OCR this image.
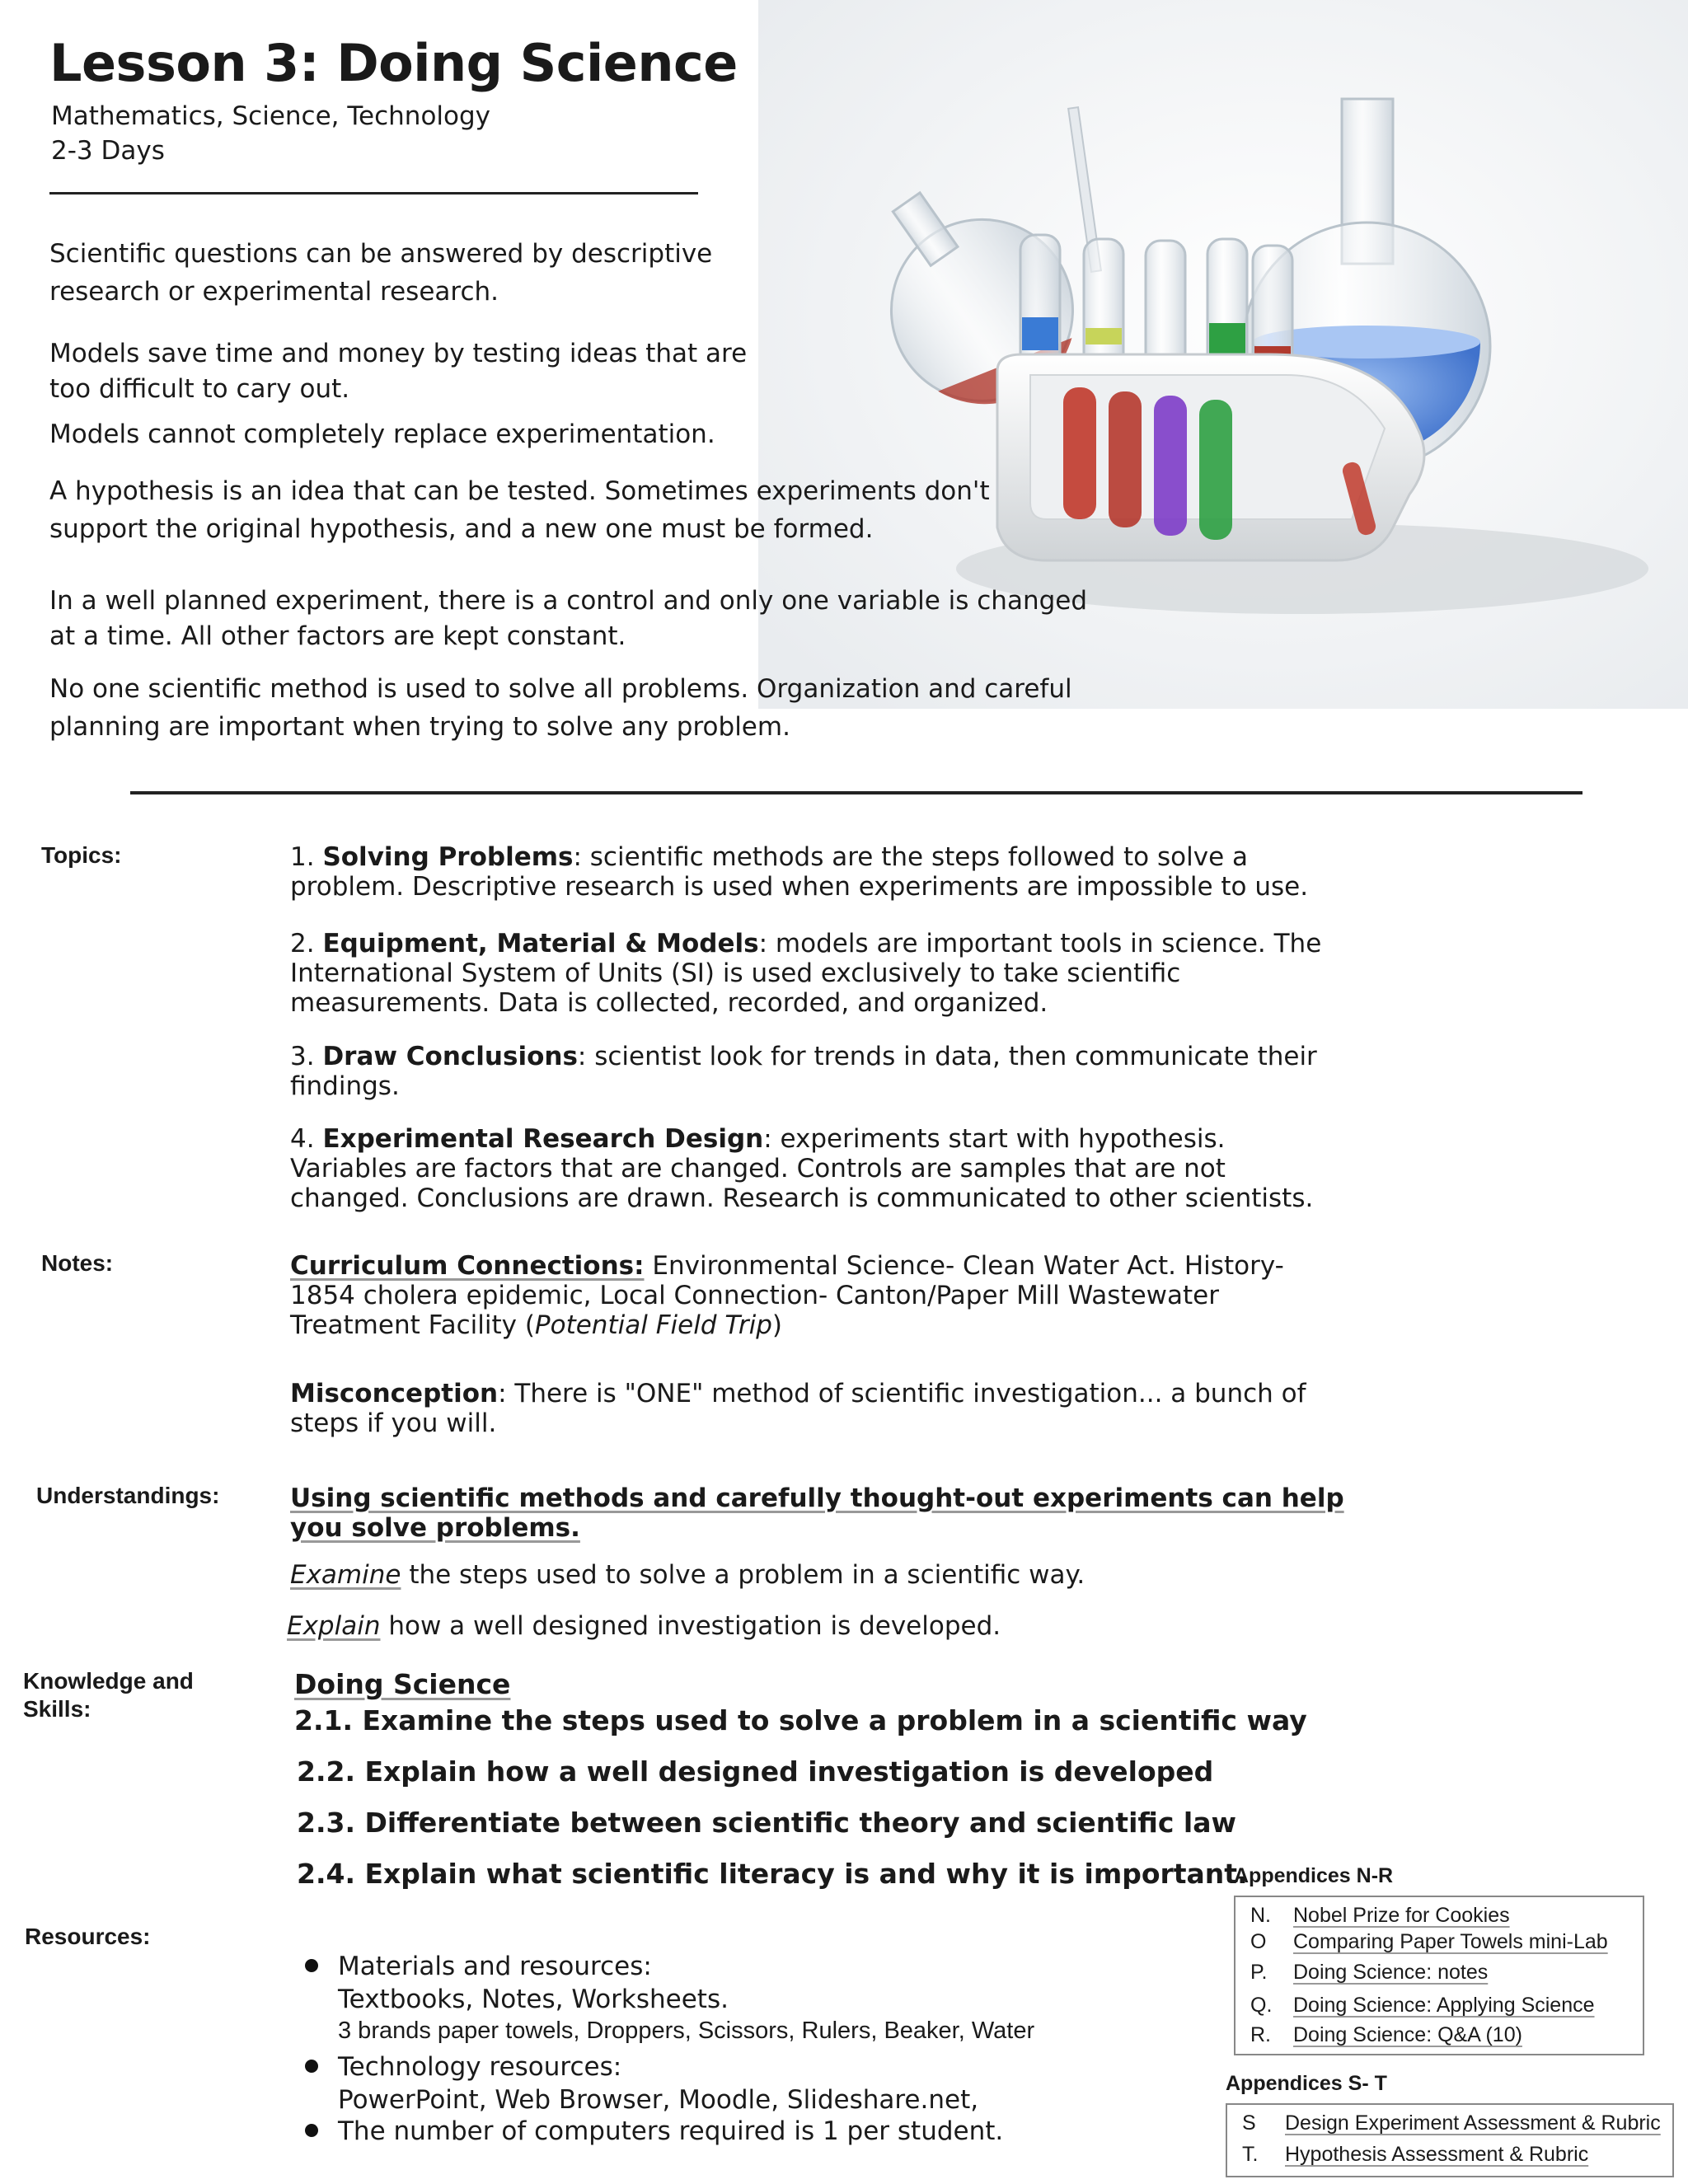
Lesson 3: Doing Science
Mathematics, Science, Technology
2-3 Days
Scientific questions can be answered by descriptive
research or experimental research.
Models save time and money by testing ideas that are
too difficult to cary out.
Models cannot completely replace experimentation.
A hypothesis is an idea that can be tested. Sometimes experiments don't
support the original hypothesis, and a new one must be formed.
In a well planned experiment, there is a control and only one variable is changed
at a time. All other factors are kept constant.
No one scientific method is used to solve all problems. Organization and careful
planning are important when trying to solve any problem.
Topics:
Notes:
Understandings:
Knowledge and
Skills:
Resources:
1. Solving Problems: scientific methods are the steps followed to solve a
problem. Descriptive research is used when experiments are impossible to use.
2. Equipment, Material & Models: models are important tools in science. The
International System of Units (SI) is used exclusively to take scientific
measurements. Data is collected, recorded, and organized.
3. Draw Conclusions: scientist look for trends in data, then communicate their
findings.
4. Experimental Research Design: experiments start with hypothesis.
Variables are factors that are changed. Controls are samples that are not
changed. Conclusions are drawn. Research is communicated to other scientists.
Curriculum Connections: Environmental Science- Clean Water Act. History-
1854 cholera epidemic, Local Connection- Canton/Paper Mill Wastewater
Treatment Facility (Potential Field Trip)
Misconception: There is "ONE" method of scientific investigation... a bunch of
steps if you will.
Using scientific methods and carefully thought-out experiments can help
you solve problems.
Examine the steps used to solve a problem in a scientific way.
Explain how a well designed investigation is developed.
Doing Science
2.1. Examine the steps used to solve a problem in a scientific way
2.2. Explain how a well designed investigation is developed
2.3. Differentiate between scientific theory and scientific law
2.4. Explain what scientific literacy is and why it is important.
Materials and resources:
Textbooks, Notes, Worksheets.
3 brands paper towels, Droppers, Scissors, Rulers, Beaker, Water
Technology resources:
PowerPoint, Web Browser, Moodle, Slideshare.net,
The number of computers required is 1 per student.
Appendices N-R
N. Nobel Prize for Cookies
O Comparing Paper Towels mini-Lab
P. Doing Science: notes
Q. Doing Science: Applying Science
R. Doing Science: Q&A (10)
Appendices S- T
S Design Experiment Assessment & Rubric
T. Hypothesis Assessment & Rubric
